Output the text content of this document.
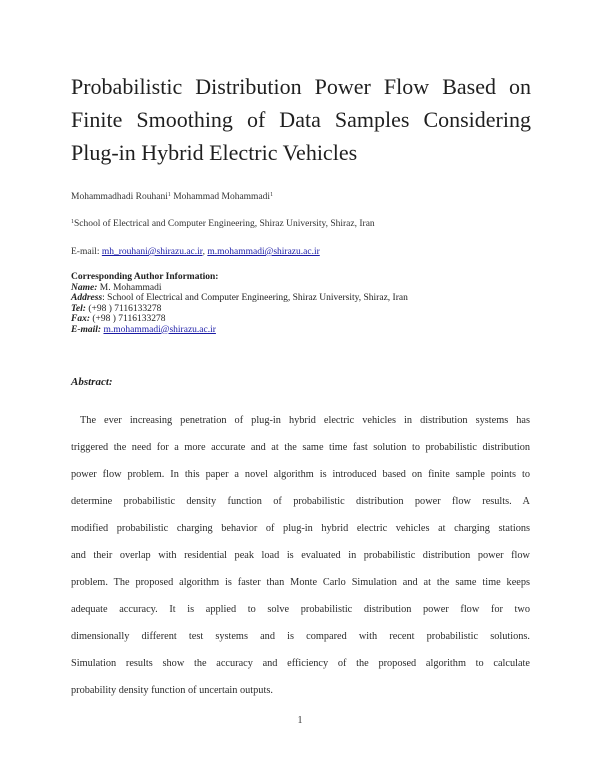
Probabilistic Distribution Power Flow Based on
Finite Smoothing of Data Samples Considering
Plug-in Hybrid Electric Vehicles
Mohammadhadi Rouhani$^1$ Mohammad Mohammadi$^1$
$^1$School of Electrical and Computer Engineering, Shiraz University, Shiraz, Iran
E-mail: mh_rouhani@shirazu.ac.ir, m.mohammadi@shirazu.ac.ir
Corresponding Author Information:
Name: M. Mohammadi
Address: School of Electrical and Computer Engineering, Shiraz University, Shiraz, Iran
Tel: (+98 ) 7116133278
Fax: (+98 ) 7116133278
E-mail: m.mohammadi@shirazu.ac.ir
Abstract:
The ever increasing penetration of plug-in hybrid electric vehicles in distribution systems has
triggered the need for a more accurate and at the same time fast solution to probabilistic distribution
power flow problem. In this paper a novel algorithm is introduced based on finite sample points to
determine probabilistic density function of probabilistic distribution power flow results. A
modified probabilistic charging behavior of plug-in hybrid electric vehicles at charging stations
and their overlap with residential peak load is evaluated in probabilistic distribution power flow
problem. The proposed algorithm is faster than Monte Carlo Simulation and at the same time keeps
adequate accuracy. It is applied to solve probabilistic distribution power flow for two
dimensionally different test systems and is compared with recent probabilistic solutions.
Simulation results show the accuracy and efficiency of the proposed algorithm to calculate
probability density function of uncertain outputs.
1
